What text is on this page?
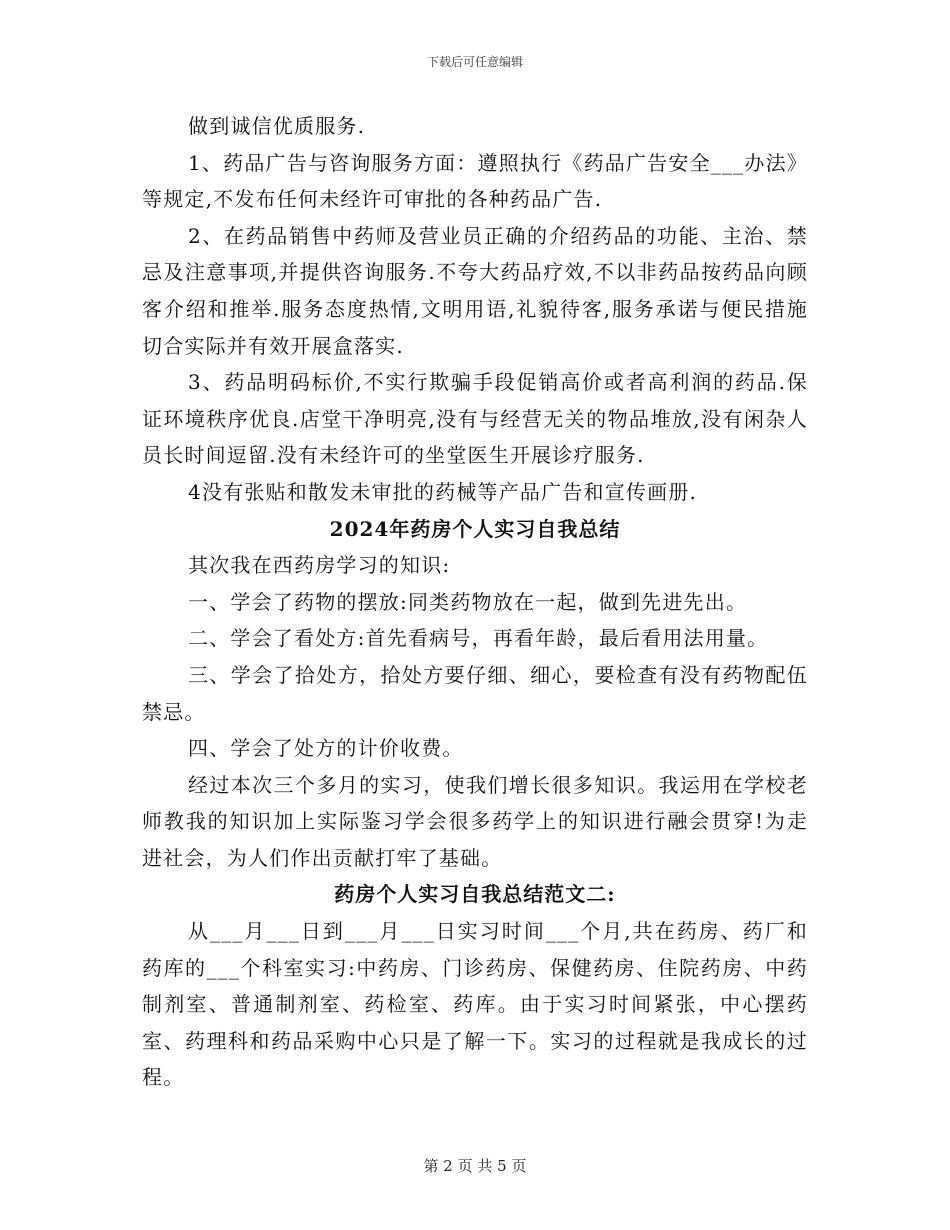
下载后可任意编辑

做到诚信优质服务.

1、药品广告与咨询服务方面：遵照执行《药品广告安全___办法》等规定,不发布任何未经许可审批的各种药品广告.

2、在药品销售中药师及营业员正确的介绍药品的功能、主治、禁忌及注意事项,并提供咨询服务.不夸大药品疗效,不以非药品按药品向顾客介绍和推举.服务态度热情,文明用语,礼貌待客,服务承诺与便民措施切合实际并有效开展盒落实.

3、药品明码标价,不实行欺骗手段促销高价或者高利润的药品.保证环境秩序优良.店堂干净明亮,没有与经营无关的物品堆放,没有闲杂人员长时间逗留.没有未经许可的坐堂医生开展诊疗服务.

4没有张贴和散发未审批的药械等产品广告和宣传画册.

2024年药房个人实习自我总结

其次我在西药房学习的知识:

一、学会了药物的摆放:同类药物放在一起，做到先进先出。

二、学会了看处方:首先看病号，再看年龄，最后看用法用量。

三、学会了拾处方，拾处方要仔细、细心，要检查有没有药物配伍禁忌。

四、学会了处方的计价收费。

经过本次三个多月的实习，使我们增长很多知识。我运用在学校老师教我的知识加上实际鉴习学会很多药学上的知识进行融会贯穿!为走进社会，为人们作出贡献打牢了基础。

药房个人实习自我总结范文二:

从___月___日到___月___日实习时间___个月,共在药房、药厂和药库的___个科室实习:中药房、门诊药房、保健药房、住院药房、中药制剂室、普通制剂室、药检室、药库。由于实习时间紧张，中心摆药室、药理科和药品采购中心只是了解一下。实习的过程就是我成长的过程。

第 2 页 共 5 页
